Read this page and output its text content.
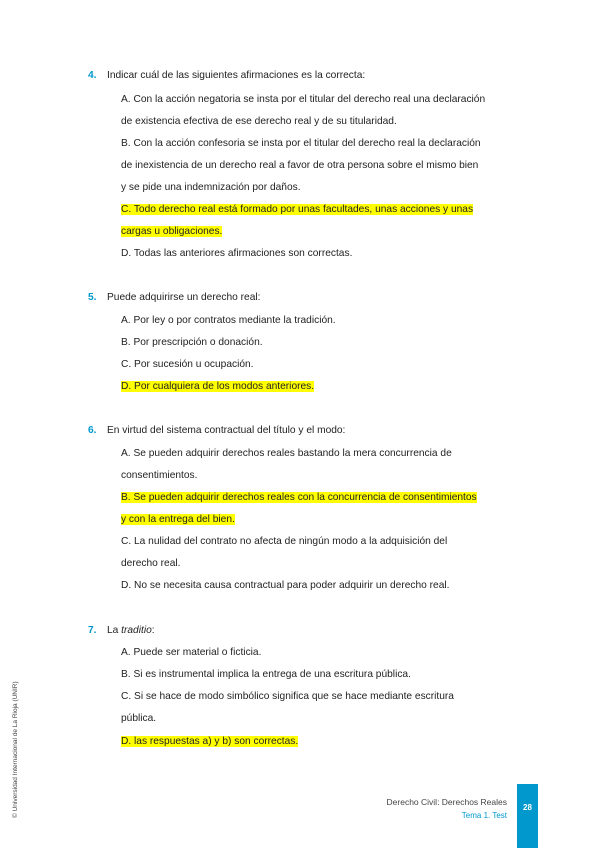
4. Indicar cuál de las siguientes afirmaciones es la correcta:
A. Con la acción negatoria se insta por el titular del derecho real una declaración
de existencia efectiva de ese derecho real y de su titularidad.
B. Con la acción confesoria se insta por el titular del derecho real la declaración
de inexistencia de un derecho real a favor de otra persona sobre el mismo bien
y se pide una indemnización por daños.
C. Todo derecho real está formado por unas facultades, unas acciones y unas
cargas u obligaciones.
D. Todas las anteriores afirmaciones son correctas.
5. Puede adquirirse un derecho real:
A. Por ley o por contratos mediante la tradición.
B. Por prescripción o donación.
C. Por sucesión u ocupación.
D. Por cualquiera de los modos anteriores.
6. En virtud del sistema contractual del título y el modo:
A. Se pueden adquirir derechos reales bastando la mera concurrencia de
consentimientos.
B. Se pueden adquirir derechos reales con la concurrencia de consentimientos
y con la entrega del bien.
C. La nulidad del contrato no afecta de ningún modo a la adquisición del
derecho real.
D. No se necesita causa contractual para poder adquirir un derecho real.
7. La traditio:
A. Puede ser material o ficticia.
B. Si es instrumental implica la entrega de una escritura pública.
C. Si se hace de modo simbólico significa que se hace mediante escritura
pública.
D. las respuestas a) y b) son correctas.
Derecho Civil: Derechos Reales
Tema 1. Test
28
© Universidad Internacional de La Rioja (UNIR)
